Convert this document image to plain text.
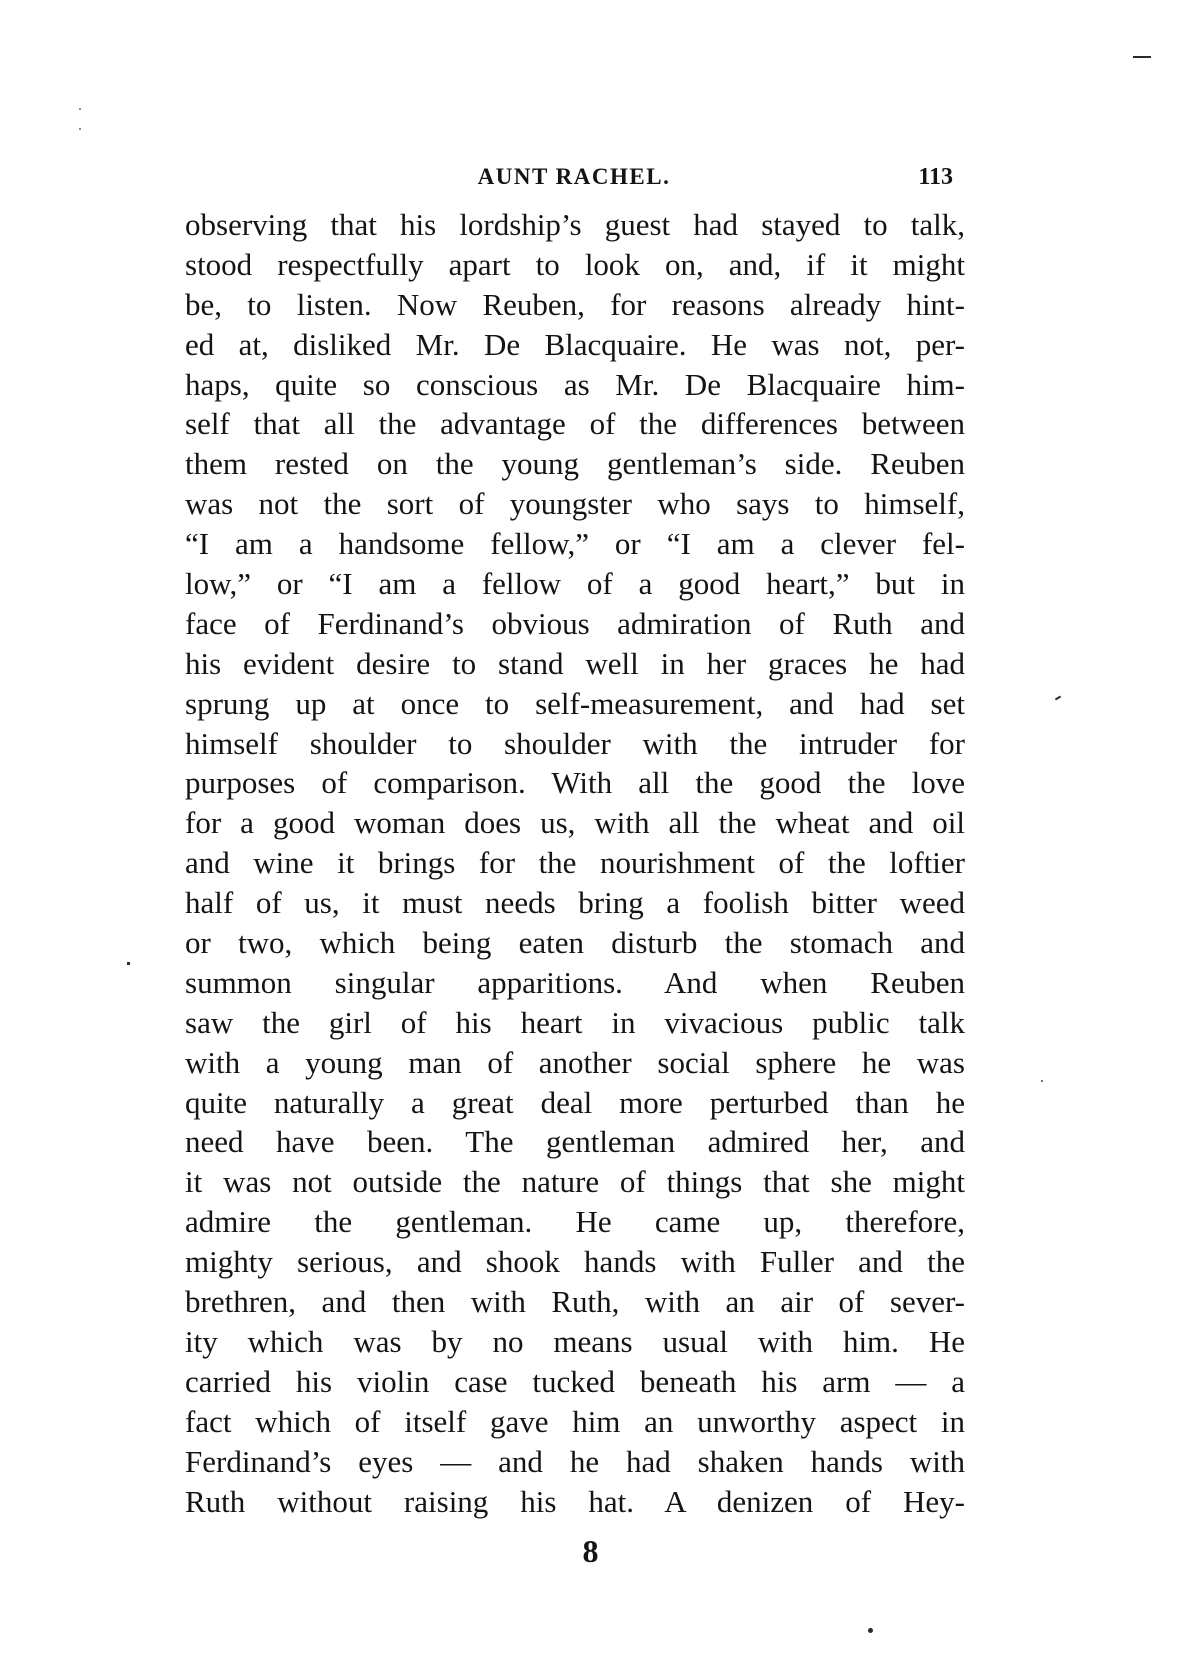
AUNT RACHEL.	113
observing that his lordship’s guest had stayed to talk,
stood respectfully apart to look on, and, if it might
be, to listen. Now Reuben, for reasons already hint-
ed at, disliked Mr. De Blacquaire. He was not, per-
haps, quite so conscious as Mr. De Blacquaire him-
self that all the advantage of the differences between
them rested on the young gentleman’s side. Reuben
was not the sort of youngster who says to himself,
“I am a handsome fellow,” or “I am a clever fel-
low,” or “I am a fellow of a good heart,” but in
face of Ferdinand’s obvious admiration of Ruth and
his evident desire to stand well in her graces he had
sprung up at once to self-measurement, and had set
himself shoulder to shoulder with the intruder for
purposes of comparison. With all the good the love
for a good woman does us, with all the wheat and oil
and wine it brings for the nourishment of the loftier
half of us, it must needs bring a foolish bitter weed
or two, which being eaten disturb the stomach and
summon singular apparitions. And when Reuben
saw the girl of his heart in vivacious public talk
with a young man of another social sphere he was
quite naturally a great deal more perturbed than he
need have been. The gentleman admired her, and
it was not outside the nature of things that she might
admire the gentleman. He came up, therefore,
mighty serious, and shook hands with Fuller and the
brethren, and then with Ruth, with an air of sever-
ity which was by no means usual with him. He
carried his violin case tucked beneath his arm — a
fact which of itself gave him an unworthy aspect in
Ferdinand’s eyes — and he had shaken hands with
Ruth without raising his hat. A denizen of Hey-
8
